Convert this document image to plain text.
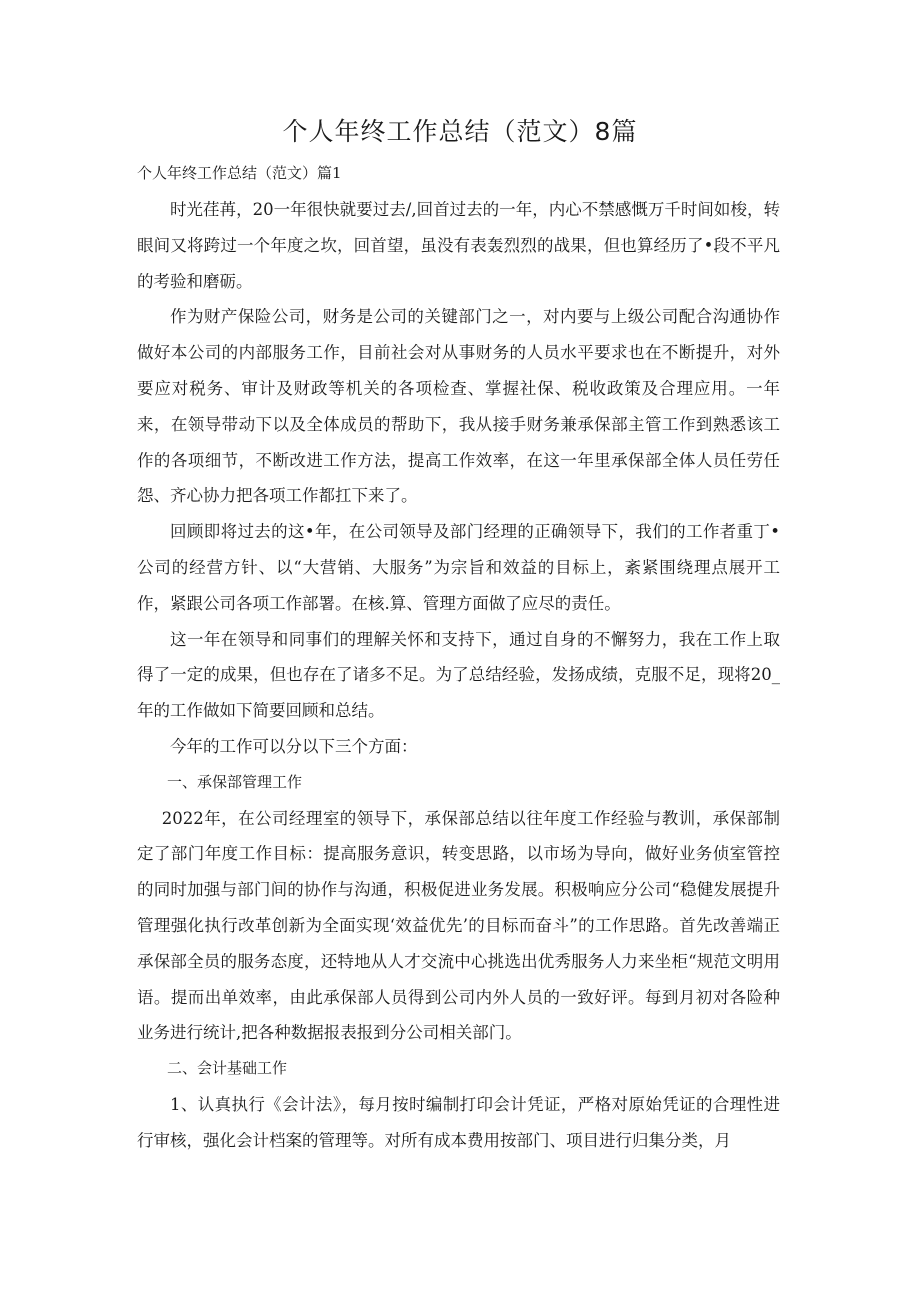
个人年终工作总结（范文）8篇

个人年终工作总结（范文）篇1

时光荏苒，20一年很快就要过去/,回首过去的一年，内心不禁感慨万千时间如梭，转眼间又将跨过一个年度之坎，回首望，虽没有表轰烈烈的战果，但也算经历了•段不平凡的考验和磨砺。

作为财产保险公司，财务是公司的关键部门之一，对内要与上级公司配合沟通协作做好本公司的内部服务工作，目前社会对从事财务的人员水平要求也在不断提升，对外要应对税务、审计及财政等机关的各项检查、掌握社保、税收政策及合理应用。一年来，在领导带动下以及全体成员的帮助下，我从接手财务兼承保部主管工作到熟悉该工作的各项细节，不断改进工作方法，提高工作效率，在这一年里承保部全体人员任劳任怨、齐心协力把各项工作都扛下来了。

回顾即将过去的这•年，在公司领导及部门经理的正确领导下，我们的工作者重丁•公司的经营方针、以“大营销、大服务”为宗旨和效益的目标上，紊紧围绕理点展开工作，紧跟公司各项工作部署。在核.算、管理方面做了应尽的责任。

这一年在领导和同事们的理解关怀和支持下，通过自身的不懈努力，我在工作上取得了一定的成果，但也存在了诸多不足。为了总结经验，发扬成绩，克服不足，现将20_年的工作做如下简要回顾和总结。

今年的工作可以分以下三个方面：

一、承保部管理工作

2022年，在公司经理室的领导下，承保部总结以往年度工作经验与教训，承保部制定了部门年度工作目标：提高服务意识，转变思路，以市场为导向，做好业务侦室管控的同时加强与部门间的协作与沟通，积极促进业务发展。积极响应分公司“稳健发展提升管理强化执行改革创新为全面实现‘效益优先’的目标而奋斗”的工作思路。首先改善端正承保部全员的服务态度，还特地从人才交流中心挑选出优秀服务人力来坐柜“规范文明用语。提而出单效率，由此承保部人员得到公司内外人员的一致好评。每到月初对各险种业务进行统计,把各种数据报表报到分公司相关部门。

二、会计基础工作

1、认真执行《会计法》，每月按时编制打印会计凭证，严格对原始凭证的合理性进行审核，强化会计档案的管理等。对所有成本费用按部门、项目进行归集分类，月
